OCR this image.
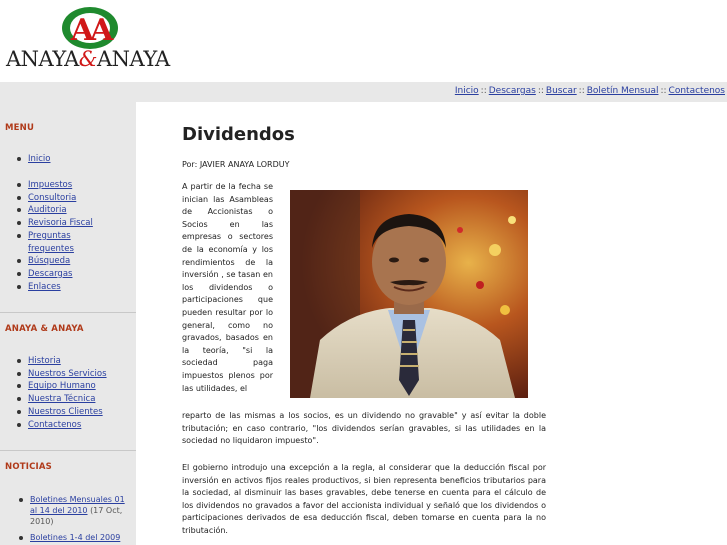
AA
ANAYA&ANAYA
Inicio :: Descargas :: Buscar :: Boletín Mensual :: Contactenos
MENU
Inicio
Impuestos
Consultoria
Auditoria
Revisoria Fiscal
Preguntas frequentes
Búsqueda
Descargas
Enlaces
ANAYA & ANAYA
Historia
Nuestros Servicios
Equipo Humano
Nuestra Técnica
Nuestros Clientes
Contactenos
NOTICIAS
Boletines Mensuales 01 al 14 del 2010 (17 Oct, 2010)
Boletines 1-4 del 2009
Dividendos
Por: JAVIER ANAYA LORDUY
A partir de la fecha se inician las Asambleas de Accionistas o Socios en las empresas o sectores de la economía y los rendimientos de la inversión , se tasan en los dividendos o participaciones que pueden resultar por lo general, como no gravados, basados en la teoría, "si la sociedad paga impuestos plenos por las utilidades, el
reparto de las mismas a los socios, es un dividendo no gravable" y así evitar la doble tributación; en caso contrario, "los dividendos serían gravables, si las utilidades en la sociedad no liquidaron impuesto".
El gobierno introdujo una excepción a la regla, al considerar que la deducción fiscal por inversión en activos fijos reales productivos, si bien representa beneficios tributarios para la sociedad, al disminuir las bases gravables, debe tenerse en cuenta para el cálculo de los dividendos no gravados a favor del accionista individual y señaló que los dividendos o participaciones derivados de esa deducción fiscal, deben tomarse en cuenta para la no tributación.
